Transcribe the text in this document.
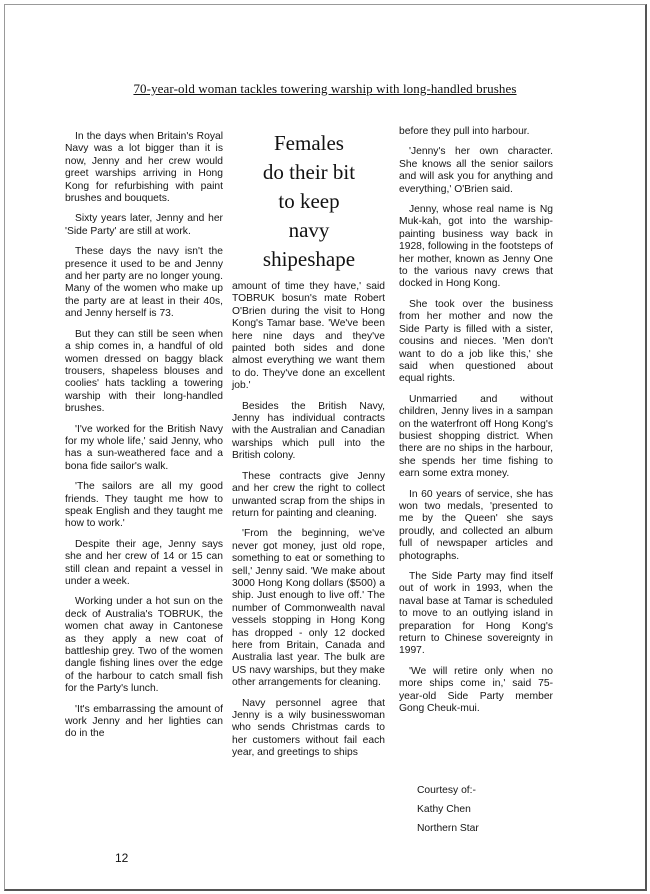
70-year-old woman tackles towering warship with long-handled brushes

In the days when Britain's Royal Navy was a lot bigger than it is now, Jenny and her crew would greet warships arriving in Hong Kong for refurbishing with paint brushes and bouquets.

Sixty years later, Jenny and her 'Side Party' are still at work.

These days the navy isn't the presence it used to be and Jenny and her party are no longer young. Many of the women who make up the party are at least in their 40s, and Jenny herself is 73.

But they can still be seen when a ship comes in, a handful of old women dressed on baggy black trousers, shapeless blouses and coolies' hats tackling a towering warship with their long-handled brushes.

'I've worked for the British Navy for my whole life,' said Jenny, who has a sun-weathered face and a bona fide sailor's walk.

'The sailors are all my good friends. They taught me how to speak English and they taught me how to work.'

Despite their age, Jenny says she and her crew of 14 or 15 can still clean and repaint a vessel in under a week.

Working under a hot sun on the deck of Australia's TOBRUK, the women chat away in Cantonese as they apply a new coat of battleship grey. Two of the women dangle fishing lines over the edge of the harbour to catch small fish for the Party's lunch.

'It's embarrassing the amount of work Jenny and her lighties can do in the

Females
do their bit
to keep
navy
shipeshape

amount of time they have,' said TOBRUK bosun's mate Robert O'Brien during the visit to Hong Kong's Tamar base. 'We've been here nine days and they've painted both sides and done almost everything we want them to do. They've done an excellent job.'

Besides the British Navy, Jenny has individual contracts with the Australian and Canadian warships which pull into the British colony.

These contracts give Jenny and her crew the right to collect unwanted scrap from the ships in return for painting and cleaning.

'From the beginning, we've never got money, just old rope, something to eat or something to sell,' Jenny said. 'We make about 3000 Hong Kong dollars ($500) a ship. Just enough to live off.' The number of Commonwealth naval vessels stopping in Hong Kong has dropped - only 12 docked here from Britain, Canada and Australia last year. The bulk are US navy warships, but they make other arrangements for cleaning.

Navy personnel agree that Jenny is a wily businesswoman who sends Christmas cards to her customers without fail each year, and greetings to ships

before they pull into harbour.

'Jenny's her own character. She knows all the senior sailors and will ask you for anything and everything,' O'Brien said.

Jenny, whose real name is Ng Muk-kah, got into the warship- painting business way back in 1928, following in the footsteps of her mother, known as Jenny One to the various navy crews that docked in Hong Kong.

She took over the business from her mother and now the Side Party is filled with a sister, cousins and nieces. 'Men don't want to do a job like this,' she said when questioned about equal rights.

Unmarried and without children, Jenny lives in a sampan on the waterfront off Hong Kong's busiest shopping district. When there are no ships in the harbour, she spends her time fishing to earn some extra money.

In 60 years of service, she has won two medals, 'presented to me by the Queen' she says proudly, and collected an album full of newspaper articles and photographs.

The Side Party may find itself out of work in 1993, when the naval base at Tamar is scheduled to move to an outlying island in preparation for Hong Kong's return to Chinese sovereignty in 1997.

'We will retire only when no more ships come in,' said 75-year-old Side Party member Gong Cheuk-mui.

Courtesy of:-
Kathy Chen
Northern Star
12
